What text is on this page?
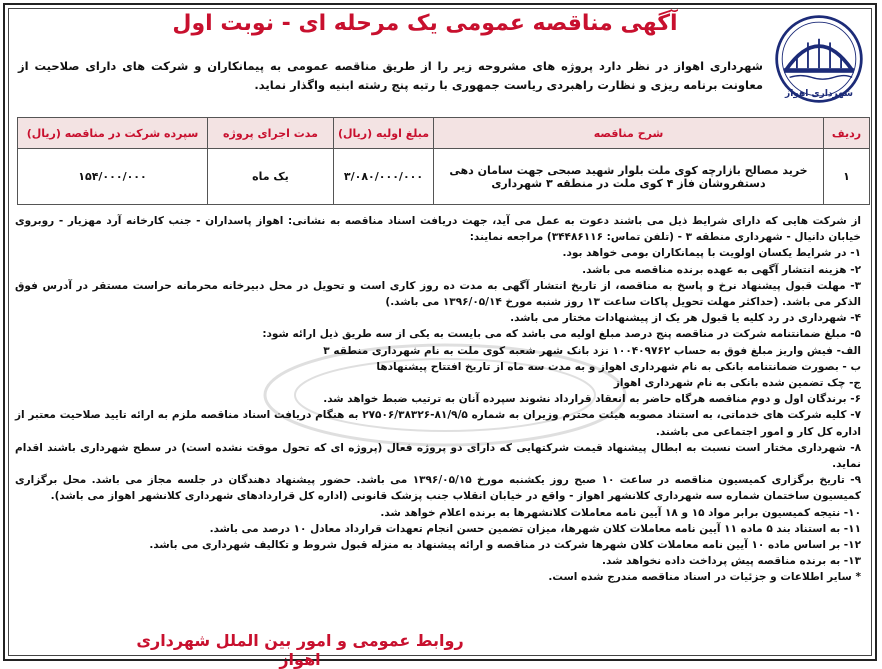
شهرداری اهواز
آگهی مناقصه عمومی یک مرحله ای - نوبت اول

شهرداری اهواز در نظر دارد پروژه های مشروحه زیر را از طریق مناقصه عمومی به پیمانکاران و شرکت های دارای صلاحیت از معاونت برنامه ریزی و نظارت راهبردی ریاست جمهوری با رتبه پنج رشته ابنیه واگذار نماید.

ردیف	شرح مناقصه	مبلغ اولیه (ریال)	مدت اجرای پروژه	سپرده شرکت در مناقصه (ریال)
۱	خرید مصالح بازارچه کوی ملت بلوار شهید صبحی جهت سامان دهی دستفروشان فاز ۴ کوی ملت در منطقه ۳ شهرداری	۳/۰۸۰/۰۰۰/۰۰۰	یک ماه	۱۵۴/۰۰۰/۰۰۰

از شرکت هایی که دارای شرایط ذیل می باشند دعوت به عمل می آید، جهت دریافت اسناد مناقصه به نشانی: اهواز پاسداران - جنب کارخانه آرد مهزیار - روبروی خیابان دانیال - شهرداری منطقه ۳ - (تلفن تماس: ۳۴۴۸۶۱۱۶) مراجعه نمایند:

۱- در شرایط یکسان اولویت با پیمانکاران بومی خواهد بود.

۲- هزینه انتشار آگهی به عهده برنده مناقصه می باشد.

۳- مهلت قبول پیشنهاد نرخ و پاسخ به مناقصه، از تاریخ انتشار آگهی به مدت ده روز کاری است و تحویل در محل دبیرخانه محرمانه حراست مستقر در آدرس فوق الذکر می باشد. (حداکثر مهلت تحویل پاکات ساعت ۱۳ روز شنبه مورخ ۱۳۹۶/۰۵/۱۴ می باشد.)

۴- شهرداری در رد کلیه یا قبول هر یک از پیشنهادات مختار می باشد.

۵- مبلغ ضمانتنامه شرکت در مناقصه پنج درصد مبلغ اولیه می باشد که می بایست به یکی از سه طریق ذیل ارائه شود:

الف- فیش واریز مبلغ فوق به حساب ۱۰۰۴۰۹۷۶۲ نزد بانک شهر شعبه کوی ملت به نام شهرداری منطقه ۳

ب - بصورت ضمانتنامه بانکی به نام شهرداری اهواز و به مدت سه ماه از تاریخ افتتاح پیشنهادها

ج- چک تضمین شده بانکی به نام شهرداری اهواز

۶- برندگان اول و دوم مناقصه هرگاه حاضر به انعقاد قرارداد نشوند سپرده آنان به ترتیب ضبط خواهد شد.

۷- کلیه شرکت های خدماتی، به استناد مصوبه هیئت محترم وزیران به شماره ۸۱/۹/۵-۲۷۵۰۶/۳۸۳۲۶ به هنگام دریافت اسناد مناقصه ملزم به ارائه تایید صلاحیت معتبر از اداره کل کار و امور اجتماعی می باشند.

۸- شهرداری مختار است نسبت به ابطال پیشنهاد قیمت شرکتهایی که دارای دو پروژه فعال (پروژه ای که تحول موقت نشده است) در سطح شهرداری باشند اقدام نماید.

۹- تاریخ برگزاری کمیسیون مناقصه در ساعت ۱۰ صبح روز یکشنبه مورخ ۱۳۹۶/۰۵/۱۵ می باشد. حضور پیشنهاد دهندگان در جلسه مجاز می باشد. محل برگزاری کمیسیون ساختمان شماره سه شهرداری کلانشهر اهواز - واقع در خیابان انقلاب جنب پزشک قانونی (اداره کل قراردادهای شهرداری کلانشهر اهواز می باشد).

۱۰- نتیجه کمیسیون برابر مواد ۱۵ و ۱۸ آیین نامه معاملات کلانشهرها به برنده اعلام خواهد شد.

۱۱- به استناد بند ۵ ماده ۱۱ آیین نامه معاملات کلان شهرها، میزان تضمین حسن انجام تعهدات قرارداد معادل ۱۰ درصد می باشد.

۱۲- بر اساس ماده ۱۰ آیین نامه معاملات کلان شهرها شرکت در مناقصه و ارائه پیشنهاد به منزله قبول شروط و تکالیف شهرداری می باشد.

۱۳- به برنده مناقصه پیش پرداخت داده نخواهد شد.

* سایر اطلاعات و جزئیات در اسناد مناقصه مندرج شده است.

روابط عمومی و امور بین الملل شهرداری اهواز
